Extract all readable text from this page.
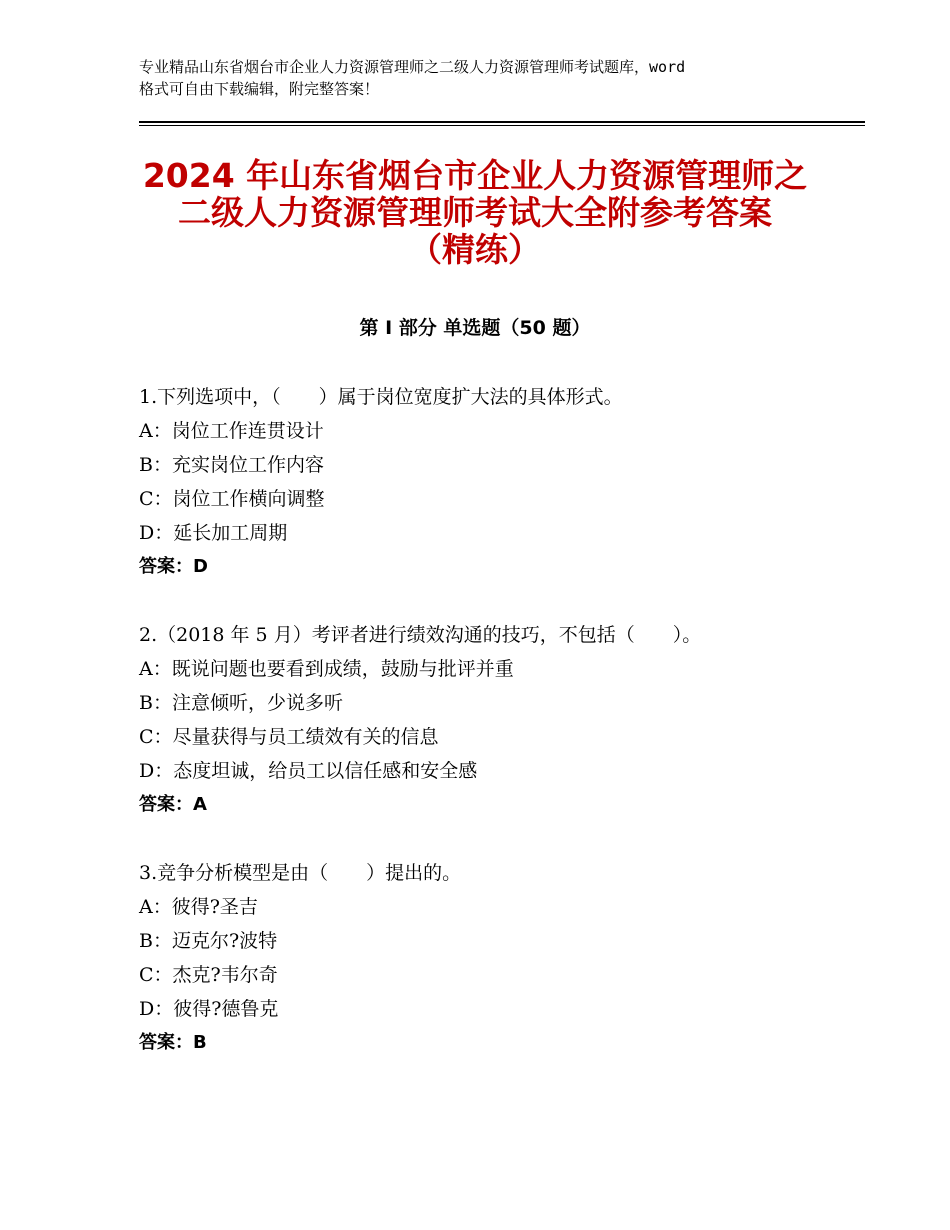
专业精品山东省烟台市企业人力资源管理师之二级人力资源管理师考试题库，word
格式可自由下载编辑，附完整答案！
2024 年山东省烟台市企业人力资源管理师之
二级人力资源管理师考试大全附参考答案
（精练）
第 I 部分 单选题（50 题）
1.下列选项中，（　　）属于岗位宽度扩大法的具体形式。
A：岗位工作连贯设计
B：充实岗位工作内容
C：岗位工作横向调整
D：延长加工周期
答案：D
2.（2018 年 5 月）考评者进行绩效沟通的技巧，不包括（　　）。
A：既说问题也要看到成绩，鼓励与批评并重
B：注意倾听，少说多听
C：尽量获得与员工绩效有关的信息
D：态度坦诚，给员工以信任感和安全感
答案：A
3.竞争分析模型是由（　　）提出的。
A：彼得?圣吉
B：迈克尔?波特
C：杰克?韦尔奇
D：彼得?德鲁克
答案：B
